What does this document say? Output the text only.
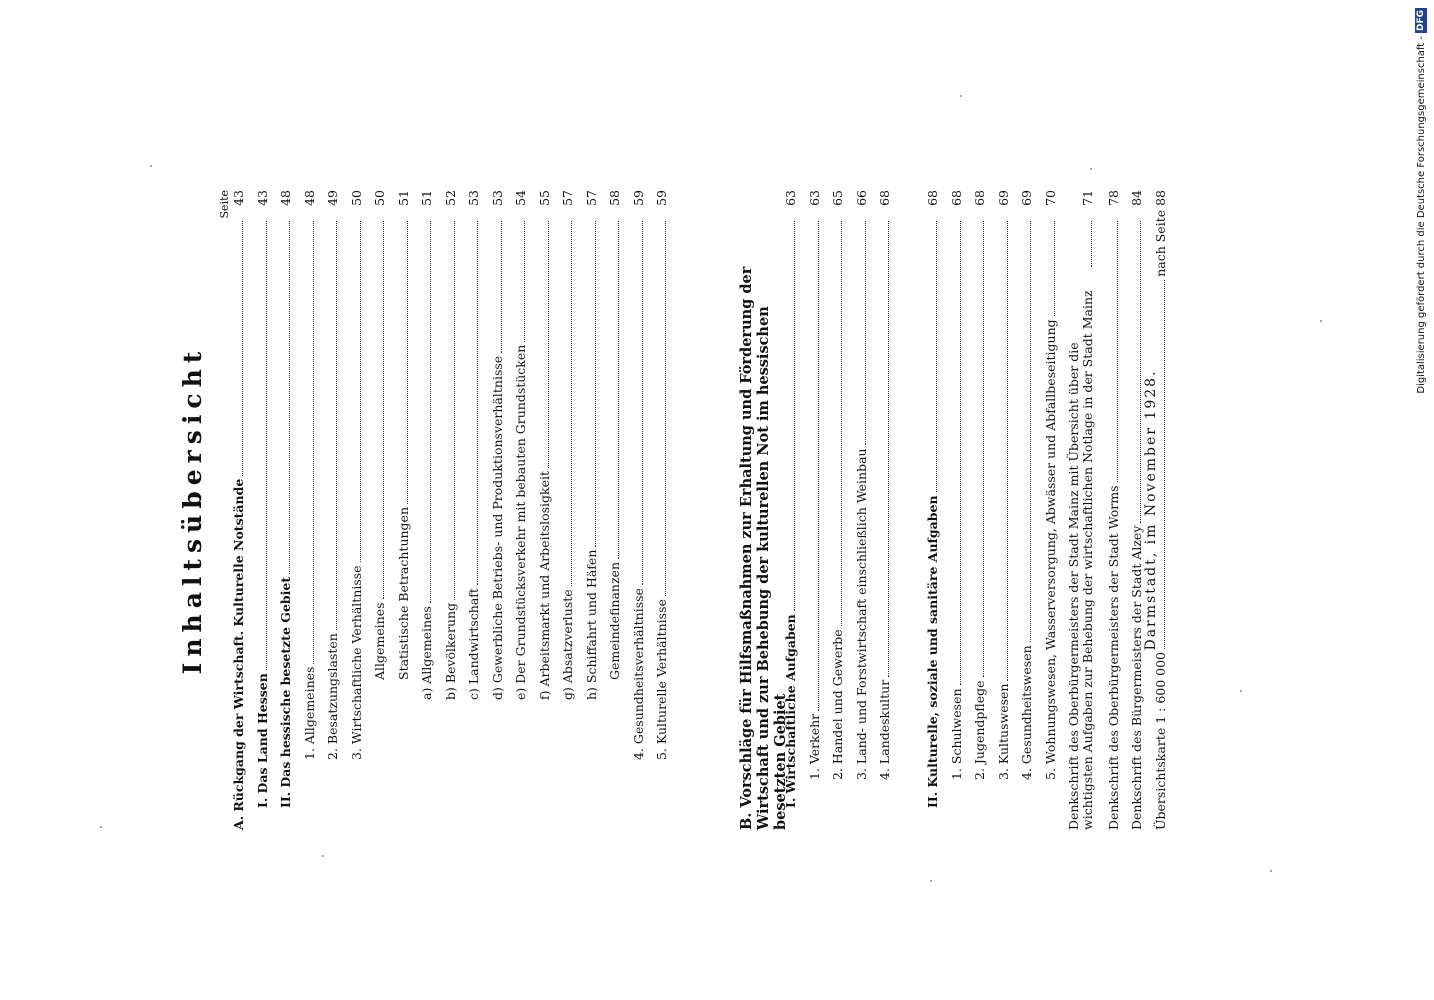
Inhaltsübersicht
Seite
A. Rückgang der Wirtschaft. Kulturelle Notstände
43
I. Das Land Hessen
43
II. Das hessische besetzte Gebiet
48
1. Allgemeines
48
2. Besatzungslasten
49
3. Wirtschaftliche Verhältnisse
50
Allgemeines
50
Statistische Betrachtungen
51
a) Allgemeines
51
b) Bevölkerung
52
c) Landwirtschaft
53
d) Gewerbliche Betriebs- und Produktionsverhältnisse
53
e) Der Grundstücksverkehr mit bebauten Grundstücken
54
f) Arbeitsmarkt und Arbeitslosigkeit
55
g) Absatzverluste
57
h) Schiffahrt und Häfen
57
Gemeindefinanzen
58
4. Gesundheitsverhältnisse
59
5. Kulturelle Verhältnisse
59
B. Vorschläge für Hilfsmaßnahmen zur Erhaltung und Förderung der Wirtschaft und zur Behebung der kulturellen Not im hessischen besetzten Gebiet
I. Wirtschaftliche Aufgaben
63
1. Verkehr
63
2. Handel und Gewerbe
65
3. Land- und Forstwirtschaft einschließlich Weinbau
66
4. Landeskultur
68
II. Kulturelle, soziale und sanitäre Aufgaben
68
1. Schulwesen
68
2. Jugendpflege
68
3. Kultuswesen
69
4. Gesundheitswesen
69
5. Wohnungswesen, Wasserversorgung, Abwässer und Abfallbeseitigung
70
Denkschrift des Oberbürgermeisters der Stadt Mainz mit Übersicht über die wichtigsten Aufgaben zur Behebung der wirtschaftlichen Notlage in der Stadt Mainz
71
Denkschrift des Oberbürgermeisters der Stadt Worms
78
Denkschrift des Bürgermeisters der Stadt Alzey
84
Übersichtskarte 1 : 600 000
nach Seite 88
Darmstadt, im November 1928.
Digitalisierung gefördert durch die Deutsche Forschungsgemeinschaft -
DFG
